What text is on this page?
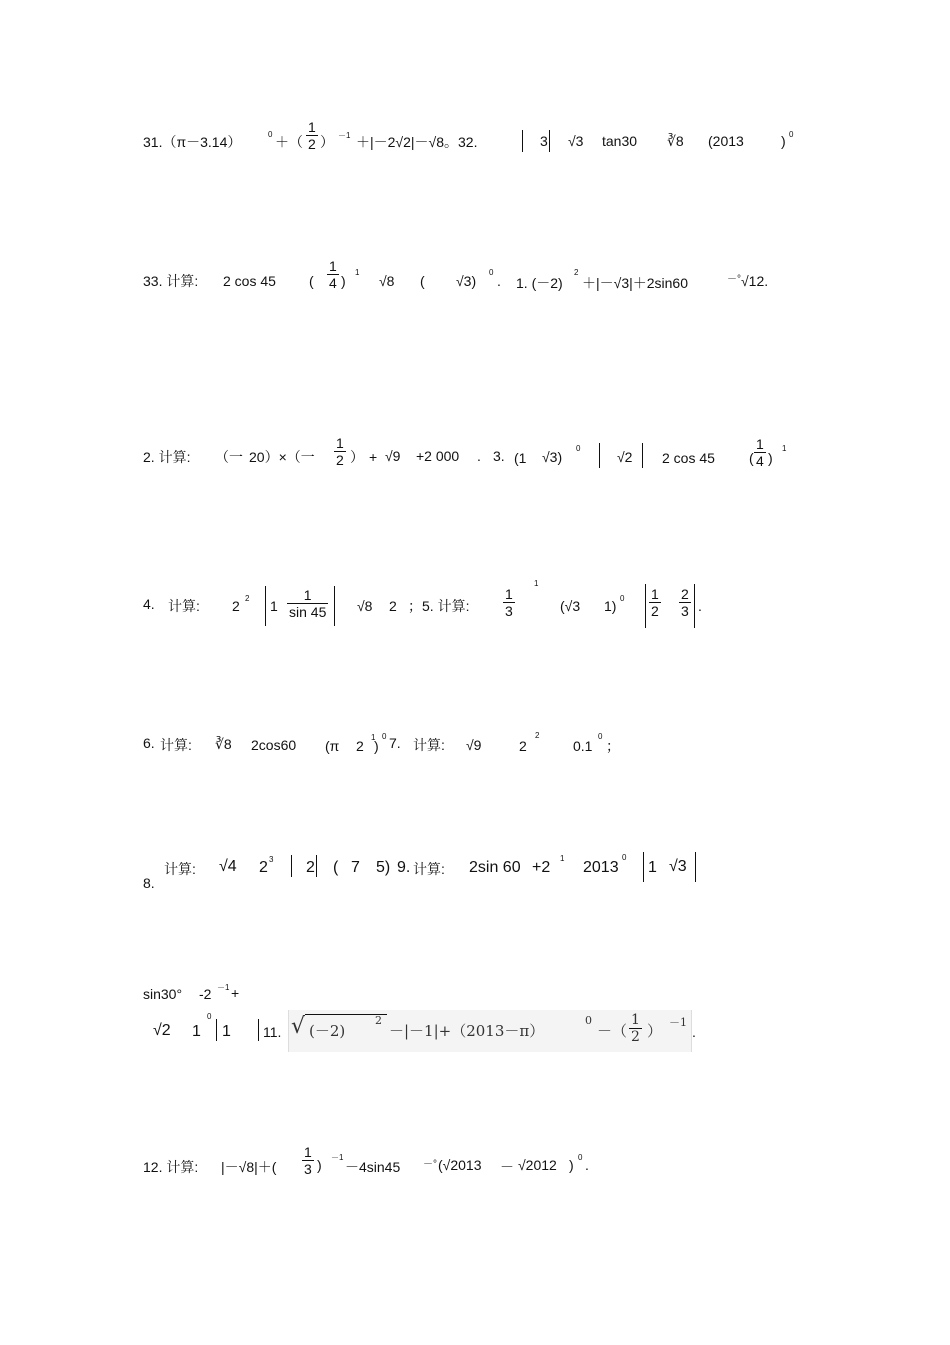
31.（π－3.14）	0 ＋（ $\frac{1}{2}$ ） －1 ＋|－2√2|－√8。32.	3 √3 tan30 ∛8 (2013	) 0
33. 计算: 2 cos 45 ( $\frac{1}{4}$ )
1
√8 ( √3)
0
. 1. (－2)
2
＋|－√3|＋2sin60	－° √12.
2. 计算: （一 20）×（一 $\frac{1}{2}$ ） + √9 +2 000 . 3. (1 √3)
0
√2 2 cos 45 ( $\frac{1}{4}$ )
1
4. 计算: 2 2 $1 \frac{1}{\sin 45} √8$ 2 ；5. 计算: $\frac{1}{3}$
1
(√3 1) $0 \frac{1}{2} \frac{2}{3}$ .
6. 计算: ∛8 2cos60 (π 2
1
)
0 7. 计算: √9	2
2
0.1
0
；
8.
计算: √4 2 3 2 ( 7 5) 9. 计算: 2sin 60 +2
1
2013
0
1 √3
sin30° -2 －1 +
√2 1
0
1 11. √ (－2)
2
－|－1|+（2013－π）
0
－（ $\frac{1}{2}$ ） －1
.
12. 计算: $|-√8|+( \frac{1}{3}$ ) －1
－4sin45 －° (√2013 － √2012 ) 0 .
